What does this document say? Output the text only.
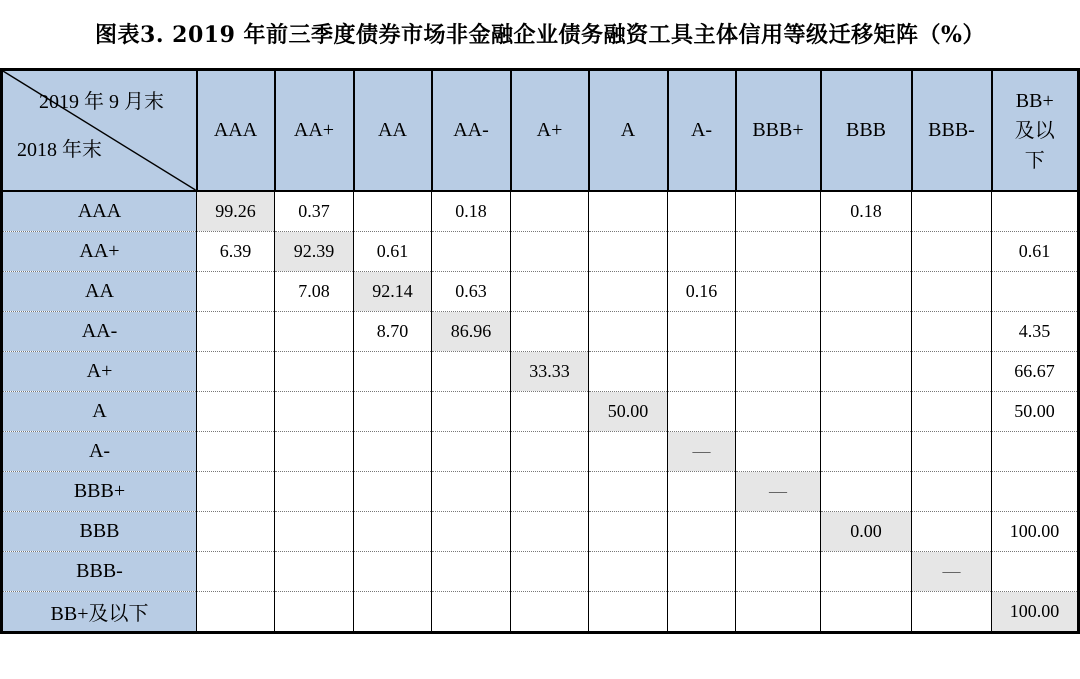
图表3. 2019 年前三季度债券市场非金融企业债务融资工具主体信用等级迁移矩阵（%）
2019 年 9 月末
2018 年末	AAA	AA+	AA	AA-	A+	A	A-	BBB+	BBB	BBB-	BB+
及以
下
AAA	99.26	0.37		0.18					0.18		
AA+	6.39	92.39	0.61								0.61
AA		7.08	92.14	0.63			0.16				
AA-			8.70	86.96							4.35
A+					33.33						66.67
A						50.00					50.00
A-							—				
BBB+								—			
BBB									0.00		100.00
BBB-										—	
BB+及以下											100.00
